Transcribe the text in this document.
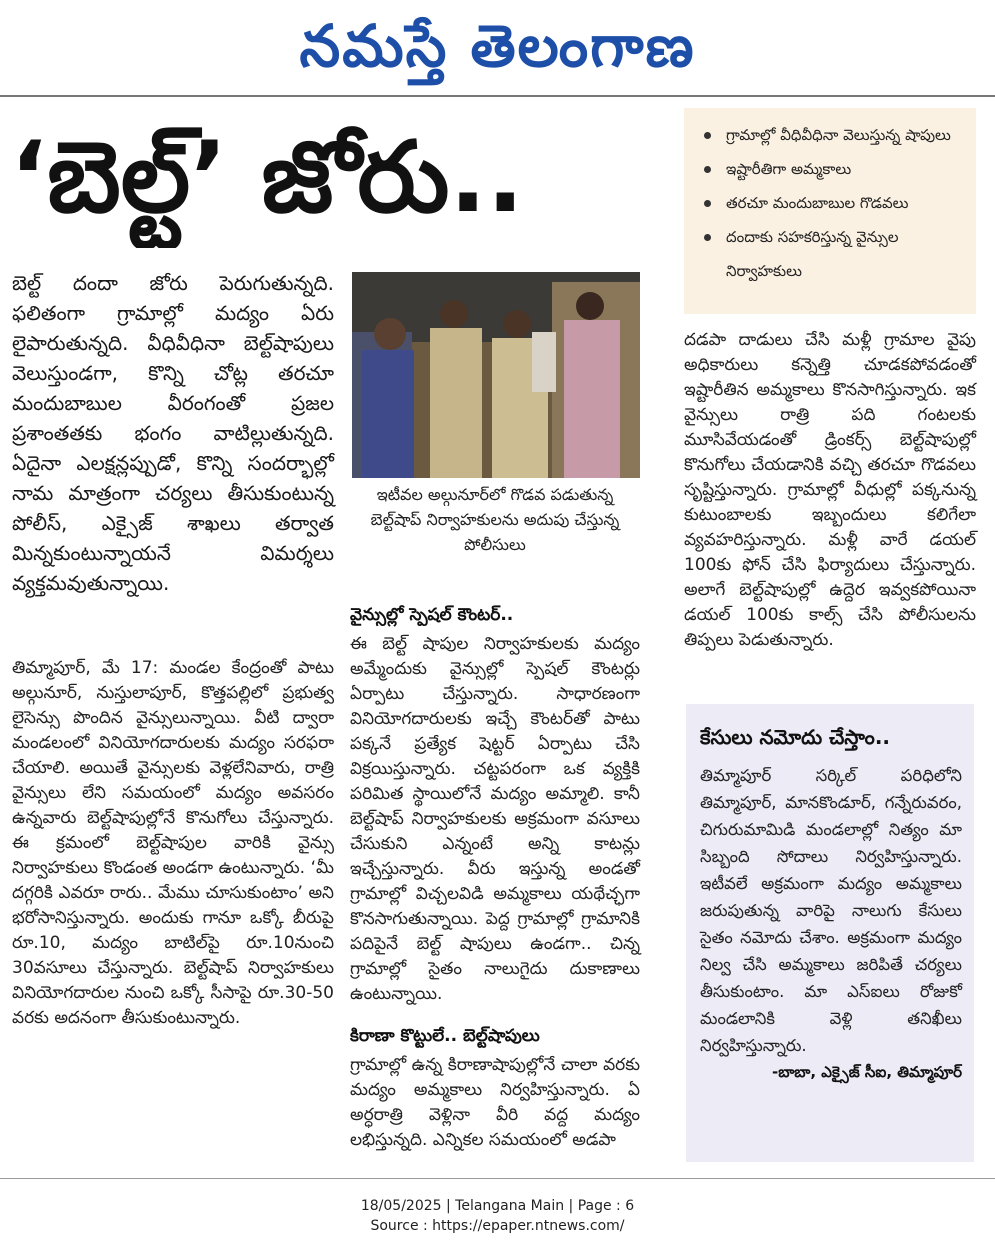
నమస్తే తెలంగాణ
‘బెల్ట్’ జోరు..	గ్రామాల్లో వీధివీధినా వెలుస్తున్న షాపులు
ఇష్టారీతిగా అమ్మకాలు
తరచూ మందుబాబుల గొడవలు
దందాకు సహకరిస్తున్న వైన్సుల నిర్వాహకులు
బెల్ట్ దందా జోరు పెరుగుతున్నది. ఫలితంగా గ్రామాల్లో మద్యం ఏరు లైపారుతున్నది. వీధివీధినా బెల్ట్‌షాపులు వెలుస్తుండగా, కొన్ని చోట్ల తరచూ మందుబాబుల వీరంగంతో ప్రజల ప్రశాంతతకు భంగం వాటిల్లుతున్నది. ఏదైనా ఎలక్షన్లప్పుడో, కొన్ని సందర్భాల్లో నామ మాత్రంగా చర్యలు తీసుకుంటున్న పోలీస్, ఎక్సైజ్ శాఖలు తర్వాత మిన్నకుంటున్నాయనే విమర్శలు వ్యక్తమవుతున్నాయి.
ఇటీవల అల్గునూర్‌లో గొడవ పడుతున్న బెల్ట్‌షాప్ నిర్వాహకులను అదుపు చేస్తున్న పోలీసులు

తిమ్మాపూర్, మే 17: మండల కేంద్రంతో పాటు అల్గునూర్, నుస్తులాపూర్, కొత్తపల్లిలో ప్రభుత్వ లైసెన్సు పొందిన వైన్సులున్నాయి. వీటి ద్వారా మండలంలో వినియోగదారులకు మద్యం సరఫరా చేయాలి. అయితే వైన్సులకు వెళ్లలేనివారు, రాత్రి వైన్సులు లేని సమయంలో మద్యం అవసరం ఉన్నవారు బెల్ట్‌షాపుల్లోనే కొనుగోలు చేస్తున్నారు. ఈ క్రమంలో బెల్ట్‌షాపుల వారికి వైన్సు నిర్వాహకులు కొండంత అండగా ఉంటున్నారు. ‘మీ దగ్గరికి ఎవరూ రారు.. మేము చూసుకుంటాం’ అని భరోసానిస్తున్నారు. అందుకు గానూ ఒక్కో బీరుపై రూ.10, మద్యం బాటిల్‌పై రూ.10నుంచి 30వసూలు చేస్తున్నారు. బెల్ట్‌షాప్ నిర్వాహకులు వినియోగదారుల నుంచి ఒక్కో సీసాపై రూ.30-50 వరకు అదనంగా తీసుకుంటున్నారు.

వైన్సుల్లో స్పెషల్ కౌంటర్..

ఈ బెల్ట్ షాపుల నిర్వాహకులకు మద్యం అమ్మేందుకు వైన్సుల్లో స్పెషల్ కౌంటర్లు ఏర్పాటు చేస్తున్నారు. సాధారణంగా వినియోగదారులకు ఇచ్చే కౌంటర్‌తో పాటు పక్కనే ప్రత్యేక షెట్టర్ ఏర్పాటు చేసి విక్రయిస్తున్నారు. చట్టపరంగా ఒక వ్యక్తికి పరిమిత స్థాయిలోనే మద్యం అమ్మాలి. కానీ బెల్ట్‌షాప్ నిర్వాహకులకు అక్రమంగా వసూలు చేసుకుని ఎన్నంటే అన్ని కాటన్లు ఇచ్చేస్తున్నారు. వీరు ఇస్తున్న అండతో గ్రామాల్లో విచ్చలవిడి అమ్మకాలు యథేచ్ఛగా కొనసాగుతున్నాయి. పెద్ద గ్రామాల్లో గ్రామానికి పదిపైనే బెల్ట్ షాపులు ఉండగా.. చిన్న గ్రామాల్లో సైతం నాలుగైదు దుకాణాలు ఉంటున్నాయి.

కిరాణా కొట్టులే.. బెల్ట్‌షాపులు

గ్రామాల్లో ఉన్న కిరాణాషాపుల్లోనే చాలా వరకు మద్యం అమ్మకాలు నిర్వహిస్తున్నారు. ఏ అర్ధరాత్రి వెళ్లినా వీరి వద్ద మద్యం లభిస్తున్నది. ఎన్నికల సమయంలో అడపా

దడపా దాడులు చేసి మళ్లీ గ్రామాల వైపు అధికారులు కన్నెత్తి చూడకపోవడంతో ఇష్టారీతిన అమ్మకాలు కొనసాగిస్తున్నారు. ఇక వైన్సులు రాత్రి పది గంటలకు మూసివేయడంతో డ్రింకర్స్ బెల్ట్‌షాపుల్లో కొనుగోలు చేయడానికి వచ్చి తరచూ గొడవలు సృష్టిస్తున్నారు. గ్రామాల్లో వీధుల్లో పక్కనున్న కుటుంబాలకు ఇబ్బందులు కలిగేలా వ్యవహరిస్తున్నారు. మళ్లీ వారే డయల్ 100కు ఫోన్ చేసి ఫిర్యాదులు చేస్తున్నారు. అలాగే బెల్ట్‌షాపుల్లో ఉద్దెర ఇవ్వకపోయినా డయల్ 100కు కాల్స్ చేసి పోలీసులను తిప్పలు పెడుతున్నారు.

కేసులు నమోదు చేస్తాం..
తిమ్మాపూర్ సర్కిల్ పరిధిలోని తిమ్మాపూర్, మానకొండూర్, గన్నేరువరం, చిగురుమామిడి మండలాల్లో నిత్యం మా సిబ్బంది సోదాలు నిర్వహిస్తున్నారు. ఇటీవలే అక్రమంగా మద్యం అమ్మకాలు జరుపుతున్న వారిపై నాలుగు కేసులు సైతం నమోదు చేశాం. అక్రమంగా మద్యం నిల్వ చేసి అమ్మకాలు జరిపితే చర్యలు తీసుకుంటాం. మా ఎస్‌ఐలు రోజుకో మండలానికి వెళ్లి తనిఖీలు నిర్వహిస్తున్నారు.
-బాబా, ఎక్సైజ్ సీఐ, తిమ్మాపూర్
18/05/2025 | Telangana Main | Page : 6
Source : https://epaper.ntnews.com/
